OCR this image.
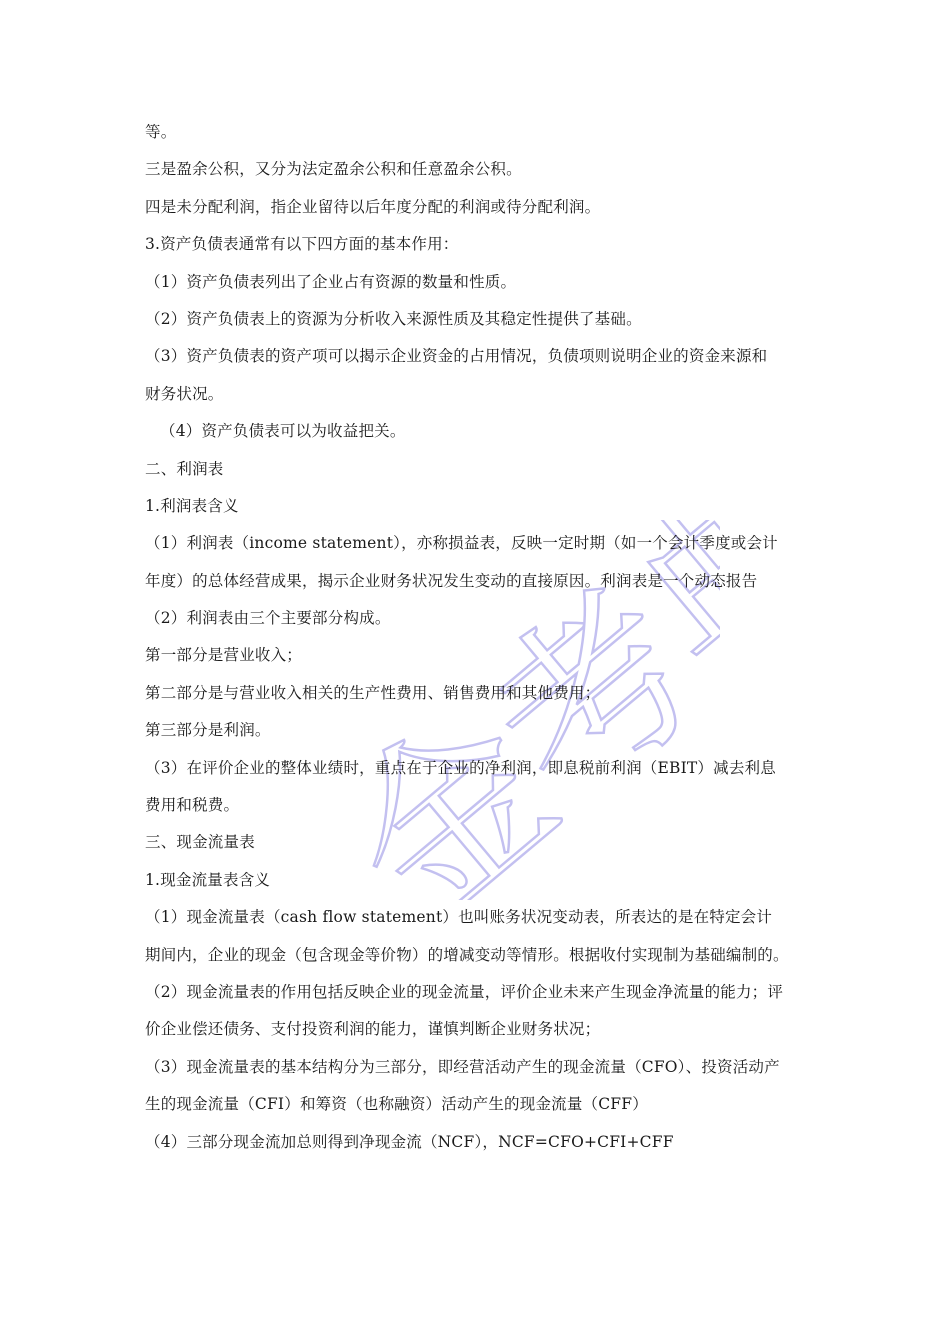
金考典
等。
三是盈余公积，又分为法定盈余公积和任意盈余公积。
四是未分配利润，指企业留待以后年度分配的利润或待分配利润。
3.资产负债表通常有以下四方面的基本作用：
（1）资产负债表列出了企业占有资源的数量和性质。
（2）资产负债表上的资源为分析收入来源性质及其稳定性提供了基础。
（3）资产负债表的资产项可以揭示企业资金的占用情况，负债项则说明企业的资金来源和
财务状况。
（4）资产负债表可以为收益把关。
二、利润表
1.利润表含义
（1）利润表（income statement），亦称损益表，反映一定时期（如一个会计季度或会计
年度）的总体经营成果，揭示企业财务状况发生变动的直接原因。利润表是一个动态报告
（2）利润表由三个主要部分构成。
第一部分是营业收入；
第二部分是与营业收入相关的生产性费用、销售费用和其他费用；
第三部分是利润。
（3）在评价企业的整体业绩时，重点在于企业的净利润，即息税前利润（EBIT）减去利息
费用和税费。
三、现金流量表
1.现金流量表含义
（1）现金流量表（cash flow statement）也叫账务状况变动表，所表达的是在特定会计
期间内，企业的现金（包含现金等价物）的增减变动等情形。根据收付实现制为基础编制的。
（2）现金流量表的作用包括反映企业的现金流量，评价企业未来产生现金净流量的能力；评
价企业偿还债务、支付投资利润的能力，谨慎判断企业财务状况；
（3）现金流量表的基本结构分为三部分，即经营活动产生的现金流量（CFO）、投资活动产
生的现金流量（CFI）和筹资（也称融资）活动产生的现金流量（CFF）
（4）三部分现金流加总则得到净现金流（NCF），NCF=CFO+CFI+CFF
